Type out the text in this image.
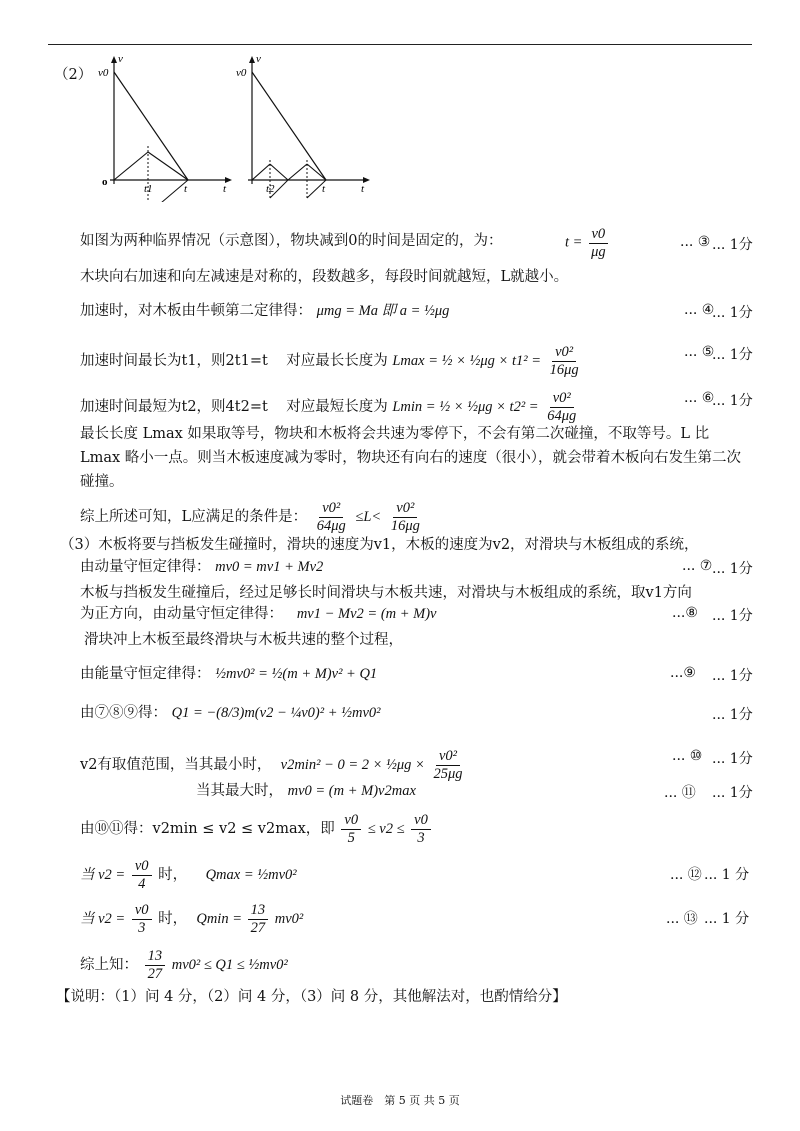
（2）
v
v0
o
t1	t	t
v
v0
t2	t	t
如图为两种临界情况（示意图），物块减到0的时间是固定的，为：	$t = \frac{v0}{\mu g}$	... ③ ... 1分
木块向右加速和向左减速是对称的，段数越多，每段时间就越短，L就越小。
加速时，对木板由牛顿第二定律得： μmg = Ma 即 a = ½μg	... ④
... 1分
加速时间最长为t1，则2t1=t 对应最长长度为 Lmax = ½ × ½μg × $t1^2 = \frac{\text{v0²}}{16\mu g}$	... ⑤
... 1分
加速时间最短为t2，则4t2=t 对应最短长度为 Lmin = ½ × ½μg × $t2^2 = \frac{\text{v0²}}{64\mu g}$	... ⑥
... 1分
最长长度 Lmax 如果取等号，物块和木板将会共速为零停下，不会有第二次碰撞，不取等号。L 比 Lmax 略小一点。则当木板速度减为零时，物块还有向右的速度（很小），就会带着木板向右发生第二次碰撞。
综上所述可知，L应满足的条件是： $\frac{\text{v0²}}{64\mu g} \le L< \frac{\text{v0²}}{16\mu g}$
（3）木板将要与挡板发生碰撞时，滑块的速度为v1，木板的速度为v2，对滑块与木板组成的系统，
由动量守恒定律得： mv0 = mv1 + Mv2	... ⑦ ... 1分
木板与挡板发生碰撞后，经过足够长时间滑块与木板共速，对滑块与木板组成的系统，取v1方向
为正方向，由动量守恒定律得： mv1 − Mv2 = (m + M)v	...⑧ ... 1分
滑块冲上木板至最终滑块与木板共速的整个过程，
由能量守恒定律得： ½mv0² = ½(m + M)v² + Q1	...⑨ ... 1分
由⑦⑧⑨得： Q1 = −(8/3)m(v2 − ¼v0)² + ½mv0²	... 1分
v2有取值范围，当其最小时， v2min² − 0 = 2 × ½μg × $\frac{\text{v0²}}{25\mu g}$	... ⑩ ... 1分
当其最大时， mv0 = (m + M)v2max	... ⑪ ... 1分
由⑩⑪得：v2min ≤ v2 ≤ v2max，即 $\frac{v0}{5} \le v2 \le \frac{v0}{3}$
当 $v2 = \frac{v0}{4}$ 时， Qmax = ½mv0²	... ⑫ ... 1 分
当 $v2 = \frac{v0}{3}$ 时， $Qmin = \frac{13}{27} mv0^2$	... ⑬ ... 1 分
综上知： $\frac{13}{27} mv0^2 \le Q1$ ≤ ½mv0²
【说明：（1）问 4 分，（2）问 4 分，（3）问 8 分，其他解法对，也酌情给分】
试题卷　第 5 页 共 5 页
